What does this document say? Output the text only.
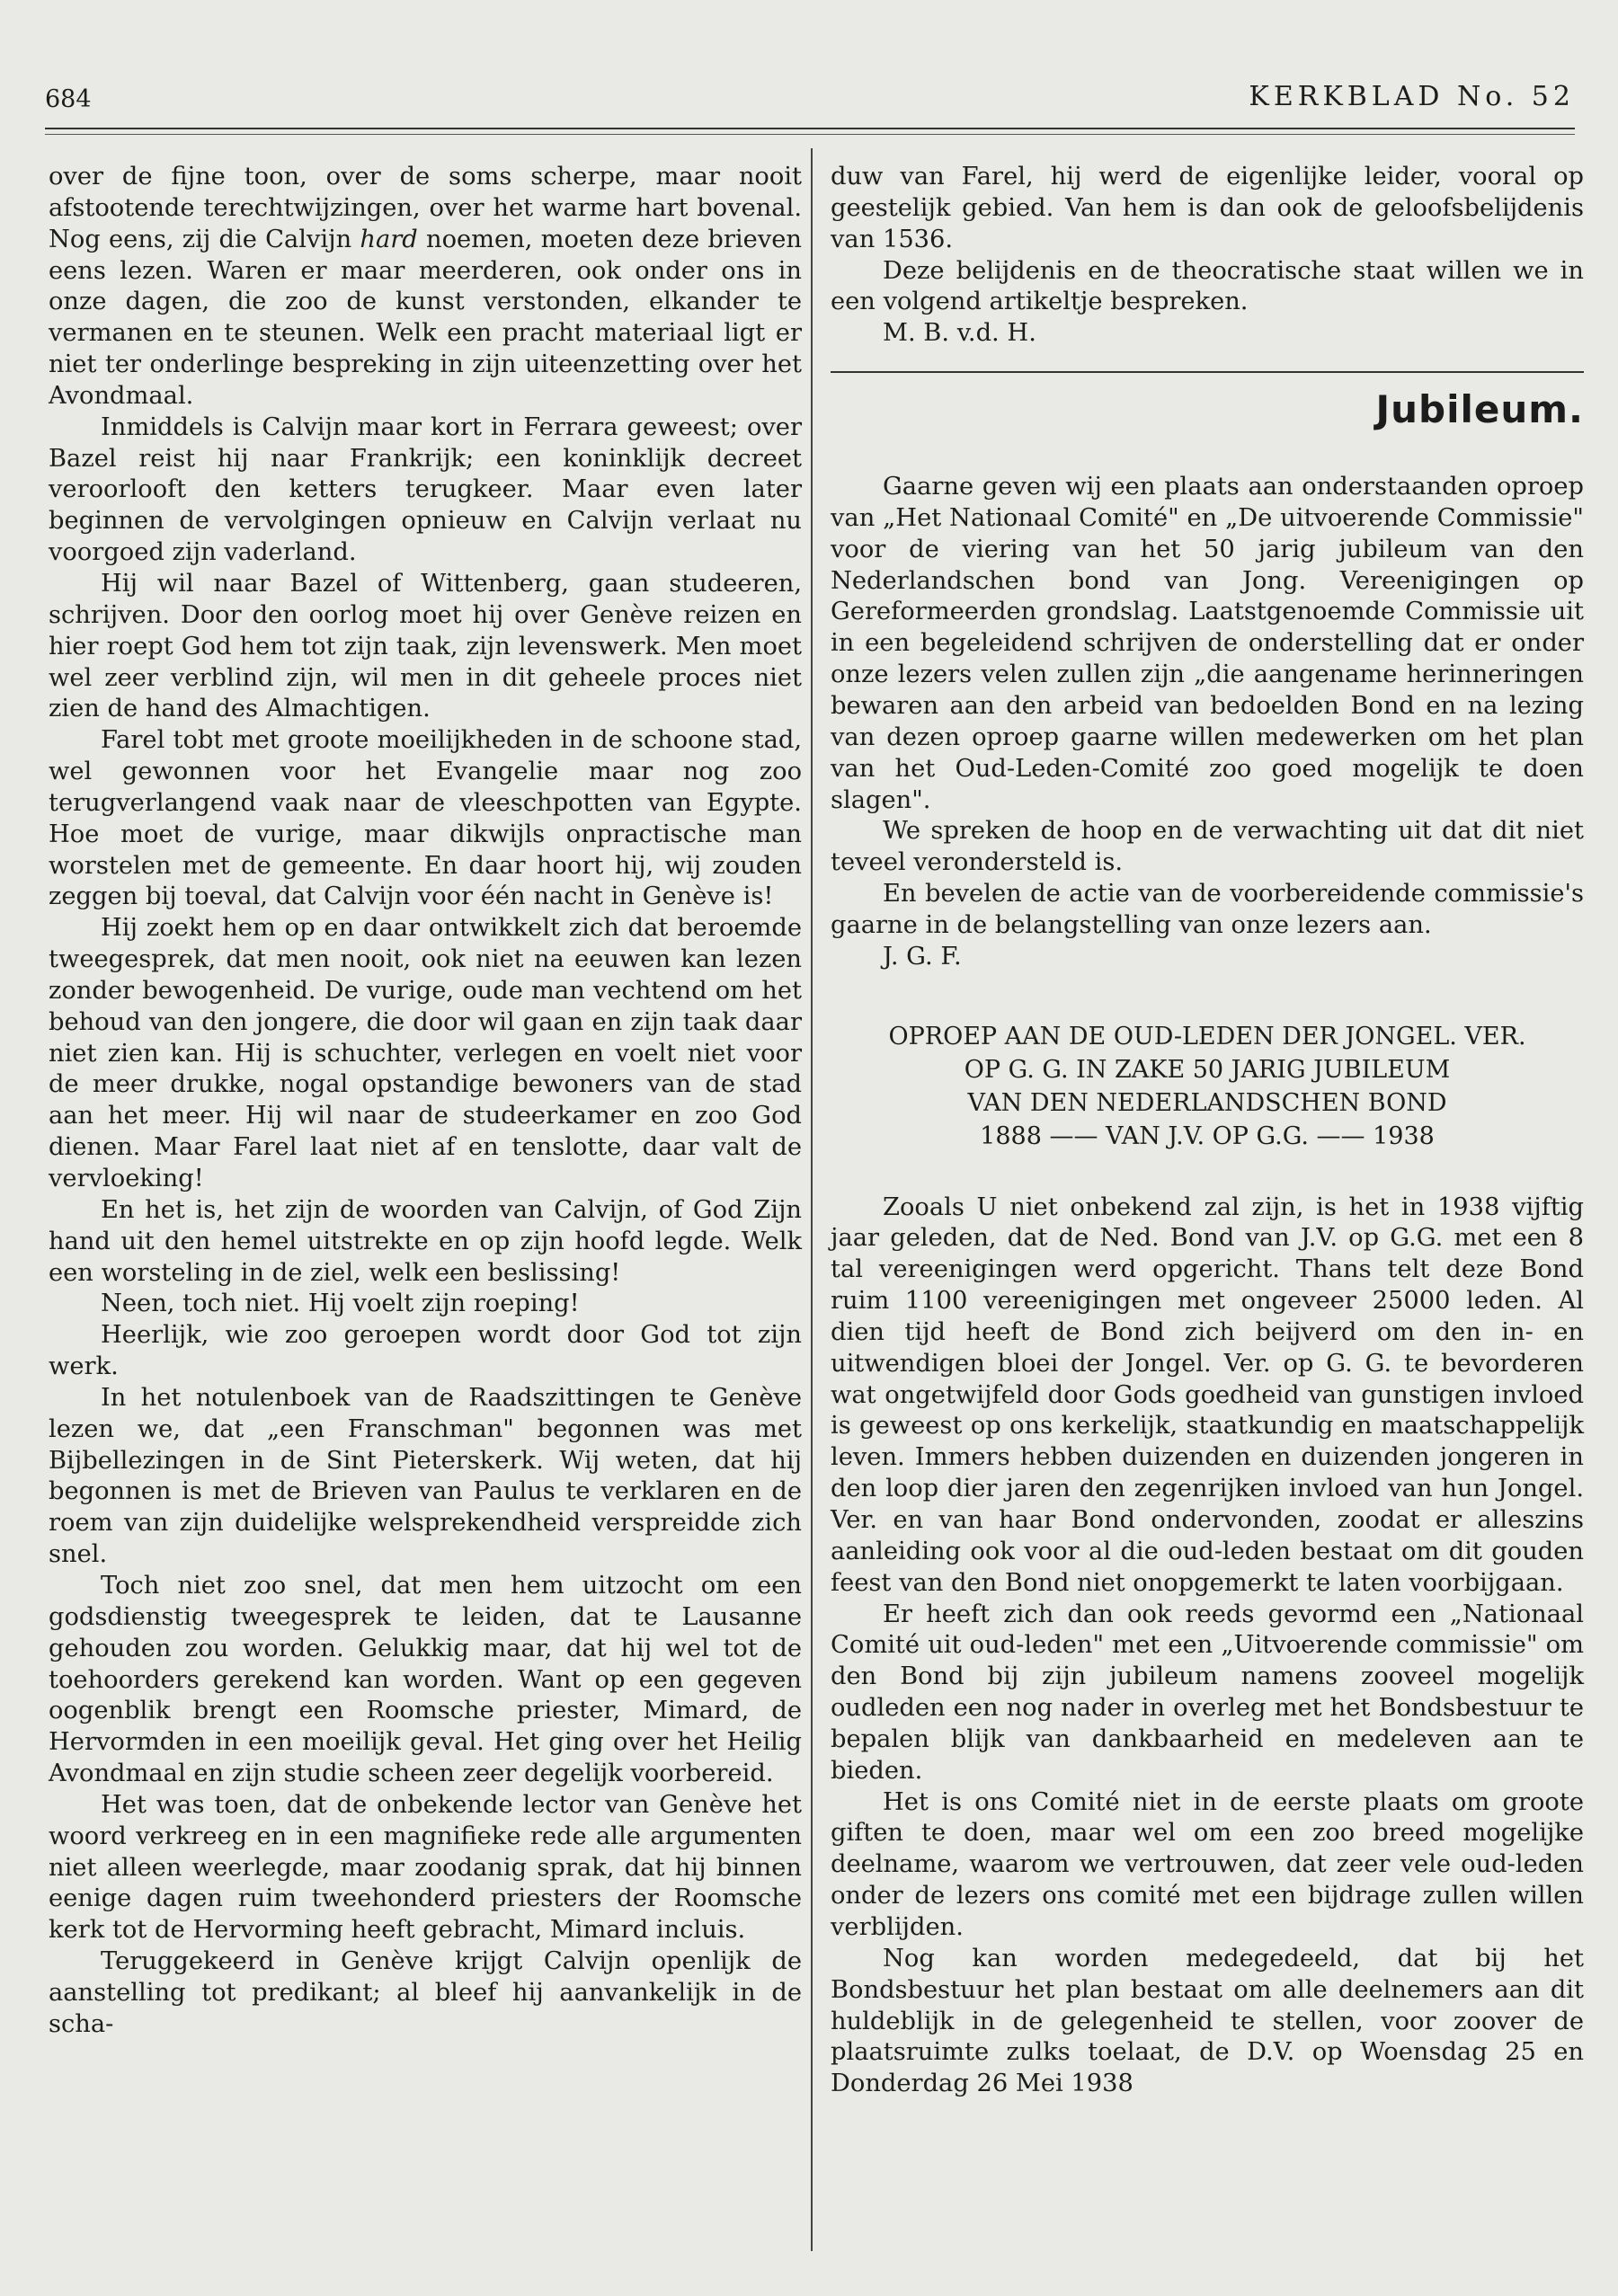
684	KERKBLAD No. 52

over de fijne toon, over de soms scherpe, maar nooit afstootende terechtwijzingen, over het warme hart bovenal. Nog eens, zij die Calvijn hard noemen, moeten deze brieven eens lezen. Waren er maar meerderen, ook onder ons in onze dagen, die zoo de kunst verstonden, elkander te vermanen en te steunen. Welk een pracht materiaal ligt er niet ter onderlinge bespreking in zijn uiteenzetting over het Avondmaal.

Inmiddels is Calvijn maar kort in Ferrara geweest; over Bazel reist hij naar Frankrijk; een koninklijk decreet veroorlooft den ketters terugkeer. Maar even later beginnen de vervolgingen opnieuw en Calvijn verlaat nu voorgoed zijn vaderland.

Hij wil naar Bazel of Wittenberg, gaan studeeren, schrijven. Door den oorlog moet hij over Genève reizen en hier roept God hem tot zijn taak, zijn levenswerk. Men moet wel zeer verblind zijn, wil men in dit geheele proces niet zien de hand des Almachtigen.

Farel tobt met groote moeilijkheden in de schoone stad, wel gewonnen voor het Evangelie maar nog zoo terugverlangend vaak naar de vleeschpotten van Egypte. Hoe moet de vurige, maar dikwijls onpractische man worstelen met de gemeente. En daar hoort hij, wij zouden zeggen bij toeval, dat Calvijn voor één nacht in Genève is!

Hij zoekt hem op en daar ontwikkelt zich dat beroemde tweegesprek, dat men nooit, ook niet na eeuwen kan lezen zonder bewogenheid. De vurige, oude man vechtend om het behoud van den jongere, die door wil gaan en zijn taak daar niet zien kan. Hij is schuchter, verlegen en voelt niet voor de meer drukke, nogal opstandige bewoners van de stad aan het meer. Hij wil naar de studeerkamer en zoo God dienen. Maar Farel laat niet af en tenslotte, daar valt de vervloeking!

En het is, het zijn de woorden van Calvijn, of God Zijn hand uit den hemel uitstrekte en op zijn hoofd legde. Welk een worsteling in de ziel, welk een beslissing!

Neen, toch niet. Hij voelt zijn roeping!

Heerlijk, wie zoo geroepen wordt door God tot zijn werk.

In het notulenboek van de Raadszittingen te Genève lezen we, dat „een Franschman" begonnen was met Bijbellezingen in de Sint Pieterskerk. Wij weten, dat hij begonnen is met de Brieven van Paulus te verklaren en de roem van zijn duidelijke welsprekendheid verspreidde zich snel.

Toch niet zoo snel, dat men hem uitzocht om een godsdienstig tweegesprek te leiden, dat te Lausanne gehouden zou worden. Gelukkig maar, dat hij wel tot de toehoorders gerekend kan worden. Want op een gegeven oogenblik brengt een Roomsche priester, Mimard, de Hervormden in een moeilijk geval. Het ging over het Heilig Avondmaal en zijn studie scheen zeer degelijk voorbereid.

Het was toen, dat de onbekende lector van Genève het woord verkreeg en in een magnifieke rede alle argumenten niet alleen weerlegde, maar zoodanig sprak, dat hij binnen eenige dagen ruim tweehonderd priesters der Roomsche kerk tot de Hervorming heeft gebracht, Mimard incluis.

Teruggekeerd in Genève krijgt Calvijn openlijk de aanstelling tot predikant; al bleef hij aanvankelijk in de scha-

duw van Farel, hij werd de eigenlijke leider, vooral op geestelijk gebied. Van hem is dan ook de geloofsbelijdenis van 1536.

Deze belijdenis en de theocratische staat willen we in een volgend artikeltje bespreken.

M. B. v.d. H.

Jubileum.

Gaarne geven wij een plaats aan onderstaanden oproep van „Het Nationaal Comité" en „De uitvoerende Commissie" voor de viering van het 50 jarig jubileum van den Nederlandschen bond van Jong. Vereenigingen op Gereformeerden grondslag. Laatstgenoemde Commissie uit in een begeleidend schrijven de onderstelling dat er onder onze lezers velen zullen zijn „die aangename herinneringen bewaren aan den arbeid van bedoelden Bond en na lezing van dezen oproep gaarne willen medewerken om het plan van het Oud-Leden-Comité zoo goed mogelijk te doen slagen".

We spreken de hoop en de verwachting uit dat dit niet teveel verondersteld is.

En bevelen de actie van de voorbereidende commissie's gaarne in de belangstelling van onze lezers aan.

J. G. F.

OPROEP AAN DE OUD-LEDEN DER JONGEL. VER.
OP G. G. IN ZAKE 50 JARIG JUBILEUM
VAN DEN NEDERLANDSCHEN BOND
1888 —— VAN J.V. OP G.G. —— 1938

Zooals U niet onbekend zal zijn, is het in 1938 vijftig jaar geleden, dat de Ned. Bond van J.V. op G.G. met een 8 tal vereenigingen werd opgericht. Thans telt deze Bond ruim 1100 vereenigingen met ongeveer 25000 leden. Al dien tijd heeft de Bond zich beijverd om den in- en uitwendigen bloei der Jongel. Ver. op G. G. te bevorderen wat ongetwijfeld door Gods goedheid van gunstigen invloed is geweest op ons kerkelijk, staatkundig en maatschappelijk leven. Immers hebben duizenden en duizenden jongeren in den loop dier jaren den zegenrijken invloed van hun Jongel. Ver. en van haar Bond ondervonden, zoodat er alleszins aanleiding ook voor al die oud-leden bestaat om dit gouden feest van den Bond niet onopgemerkt te laten voorbijgaan.

Er heeft zich dan ook reeds gevormd een „Nationaal Comité uit oud-leden" met een „Uitvoerende commissie" om den Bond bij zijn jubileum namens zooveel mogelijk oudleden een nog nader in overleg met het Bondsbestuur te bepalen blijk van dankbaarheid en medeleven aan te bieden.

Het is ons Comité niet in de eerste plaats om groote giften te doen, maar wel om een zoo breed mogelijke deelname, waarom we vertrouwen, dat zeer vele oud-leden onder de lezers ons comité met een bijdrage zullen willen verblijden.

Nog kan worden medegedeeld, dat bij het Bondsbestuur het plan bestaat om alle deelnemers aan dit huldeblijk in de gelegenheid te stellen, voor zoover de plaatsruimte zulks toelaat, de D.V. op Woensdag 25 en Donderdag 26 Mei 1938
